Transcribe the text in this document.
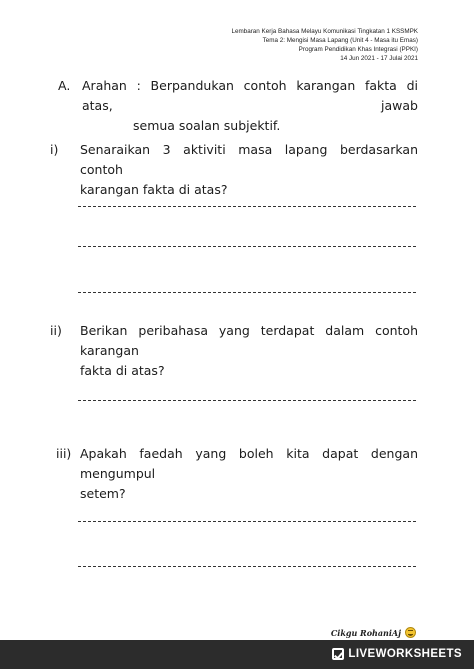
Lembaran Kerja Bahasa Melayu Komunikasi Tingkatan 1 KSSMPK
Tema 2: Mengisi Masa Lapang (Unit 4 - Masa itu Emas)
Program Pendidikan Khas Integrasi (PPKI)
14 Jun 2021 - 17 Julai 2021
A. Arahan : Berpandukan contoh karangan fakta di atas, jawab
semua soalan subjektif.
i) Senaraikan 3 aktiviti masa lapang berdasarkan contoh
karangan fakta di atas?
ii) Berikan peribahasa yang terdapat dalam contoh karangan
fakta di atas?
iii) Apakah faedah yang boleh kita dapat dengan mengumpul
setem?
Cikgu RohaniAj
LIVEWORKSHEETS
